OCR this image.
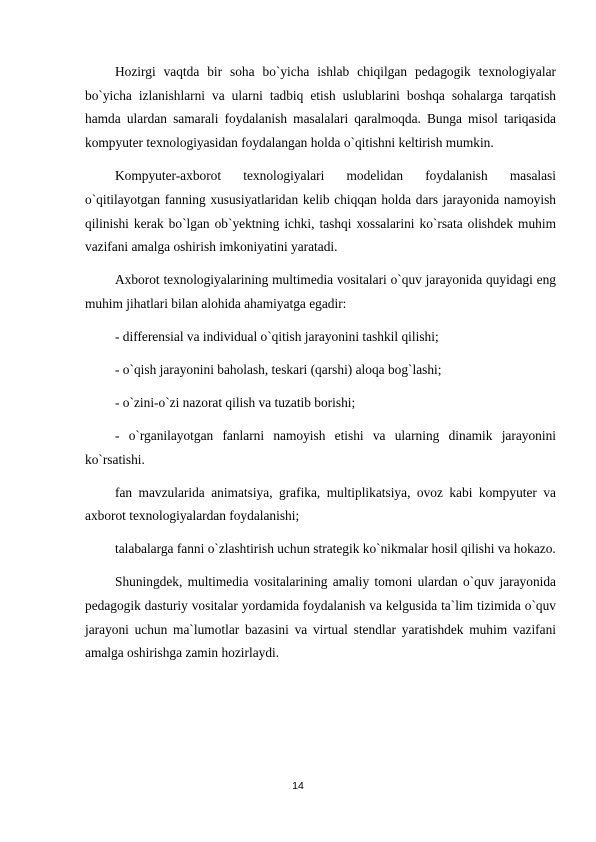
Hozirgi vaqtda bir soha bo`yicha ishlab chiqilgan pedagogik texnologiyalar bo`yicha izlanishlarni va ularni tadbiq etish uslublarini boshqa sohalarga tarqatish hamda ulardan samarali foydalanish masalalari qaralmoqda. Bunga misol tariqasida kompyuter texnologiyasidan foydalangan holda o`qitishni keltirish mumkin.

Kompyuter-axborot texnologiyalari modelidan foydalanish masalasi o`qitilayotgan fanning xususiyatlaridan kelib chiqqan holda dars jarayonida namoyish qilinishi kerak bo`lgan ob`yektning ichki, tashqi xossalarini ko`rsata olishdek muhim vazifani amalga oshirish imkoniyatini yaratadi.

Axborot texnologiyalarining multimedia vositalari o`quv jarayonida quyidagi eng muhim jihatlari bilan alohida ahamiyatga egadir:

- differensial va individual o`qitish jarayonini tashkil qilishi;

- o`qish jarayonini baholash, teskari (qarshi) aloqa bog`lashi;

- o`zini-o`zi nazorat qilish va tuzatib borishi;

- o`rganilayotgan fanlarni namoyish etishi va ularning dinamik jarayonini ko`rsatishi.

fan mavzularida animatsiya, grafika, multiplikatsiya, ovoz kabi kompyuter va axborot texnologiyalardan foydalanishi;

talabalarga fanni o`zlashtirish uchun strategik ko`nikmalar hosil qilishi va hokazo.

Shuningdek, multimedia vositalarining amaliy tomoni ulardan o`quv jarayonida pedagogik dasturiy vositalar yordamida foydalanish va kelgusida ta`lim tizimida o`quv jarayoni uchun ma`lumotlar bazasini va virtual stendlar yaratishdek muhim vazifani amalga oshirishga zamin hozirlaydi.

14
